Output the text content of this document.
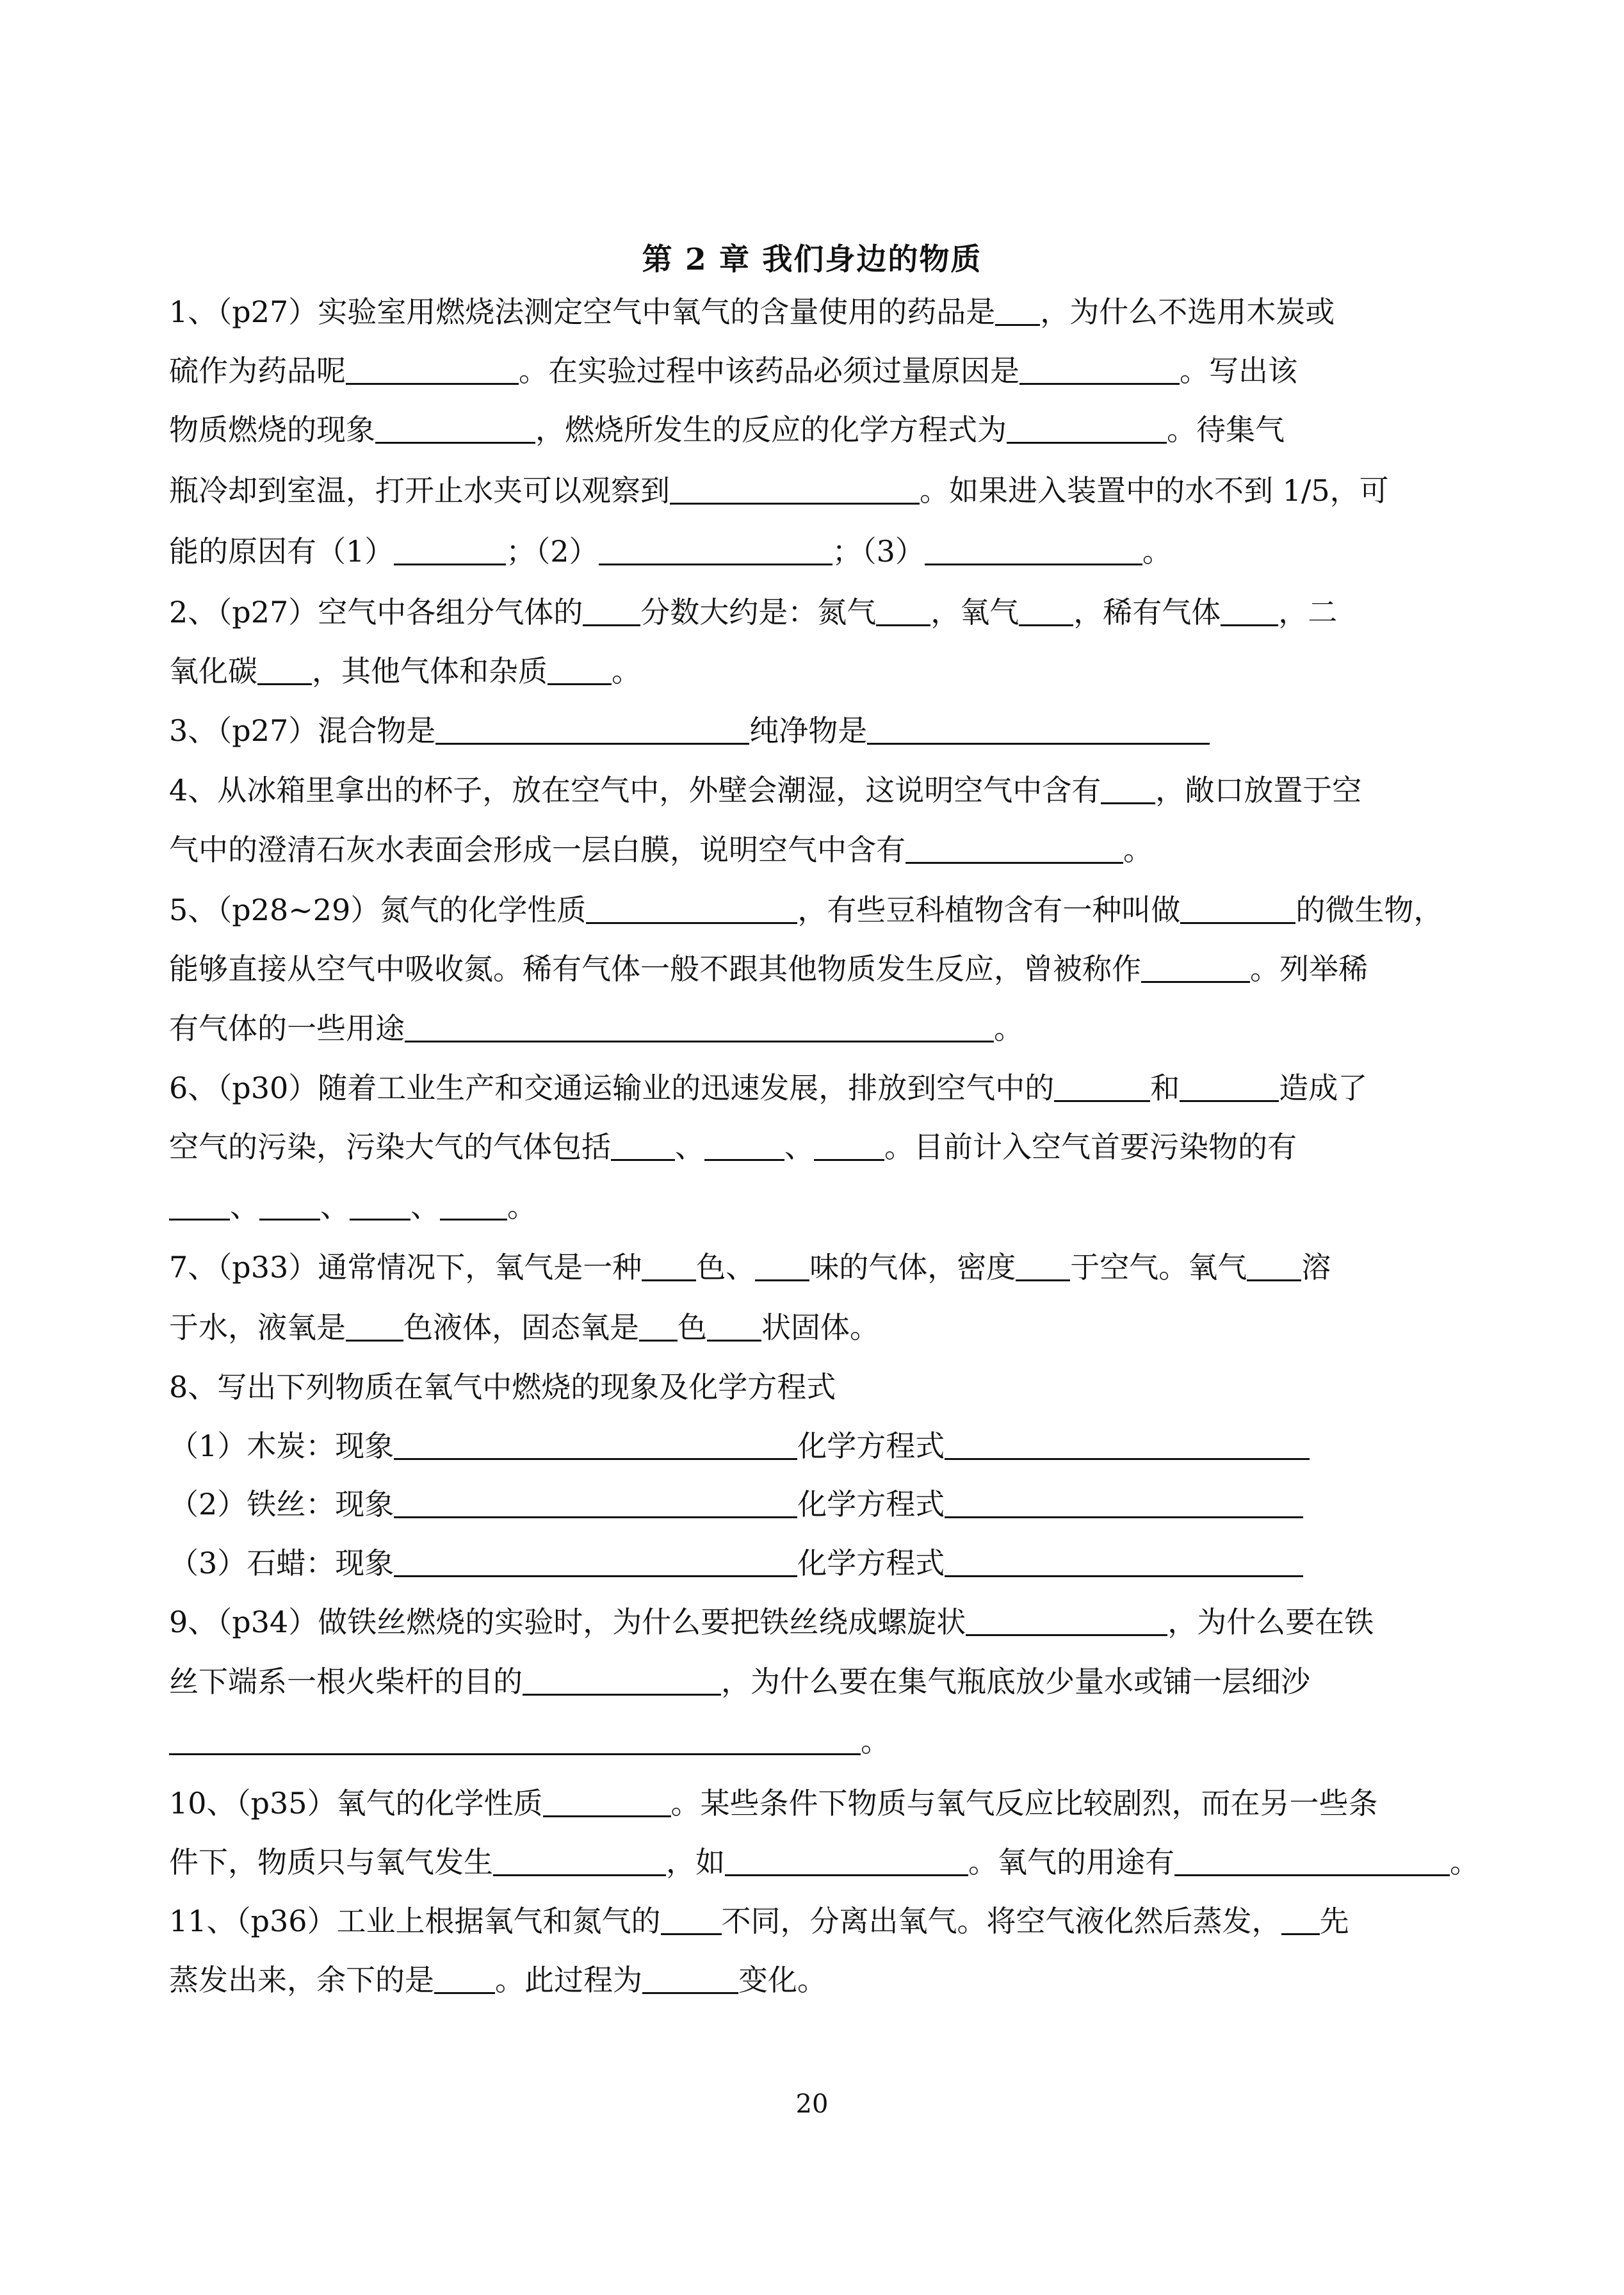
第 2 章 我们身边的物质
1、（p27）实验室用燃烧法测定空气中氧气的含量使用的药品是 ，为什么不选用木炭或
硫作为药品呢	。在实验过程中该药品必须过量原因是	。写出该
物质燃烧的现象	，燃烧所发生的反应的化学方程式为	。待集气
瓶冷却到室温，打开止水夹可以观察到	。如果进入装置中的水不到 1/5，可
能的原因有（1）	；（2）	；（3）	。
2、（p27）空气中各组分气体的 分数大约是：氮气 ，氧气 ，稀有气体 ，二
氧化碳 ，其他气体和杂质 。
3、（p27）混合物是	纯净物是
4、从冰箱里拿出的杯子，放在空气中，外壁会潮湿，这说明空气中含有 ，敞口放置于空
气中的澄清石灰水表面会形成一层白膜，说明空气中含有	。
5、（p28~29）氮气的化学性质	，有些豆科植物含有一种叫做	的微生物，
能够直接从空气中吸收氮。稀有气体一般不跟其他物质发生反应，曾被称作	。列举稀
有气体的一些用途	。
6、（p30）随着工业生产和交通运输业的迅速发展，排放到空气中的	和	造成了
空气的污染，污染大气的气体包括 、	、 。目前计入空气首要污染物的有
、 、 、 。
7、（p33）通常情况下，氧气是一种 色、 味的气体，密度 于空气。氧气 溶
于水，液氧是 色液体，固态氧是 色 状固体。
8、写出下列物质在氧气中燃烧的现象及化学方程式
（1）木炭：现象	化学方程式
（2）铁丝：现象	化学方程式
（3）石蜡：现象	化学方程式
9、（p34）做铁丝燃烧的实验时，为什么要把铁丝绕成螺旋状	，为什么要在铁
丝下端系一根火柴杆的目的	，为什么要在集气瓶底放少量水或铺一层细沙
。
10、（p35）氧气的化学性质	。某些条件下物质与氧气反应比较剧烈，而在另一些条
件下，物质只与氧气发生	，如	。氧气的用途有	。
11、（p36）工业上根据氧气和氮气的 不同，分离出氧气。将空气液化然后蒸发， 先
蒸发出来，余下的是 。此过程为	变化。
20
